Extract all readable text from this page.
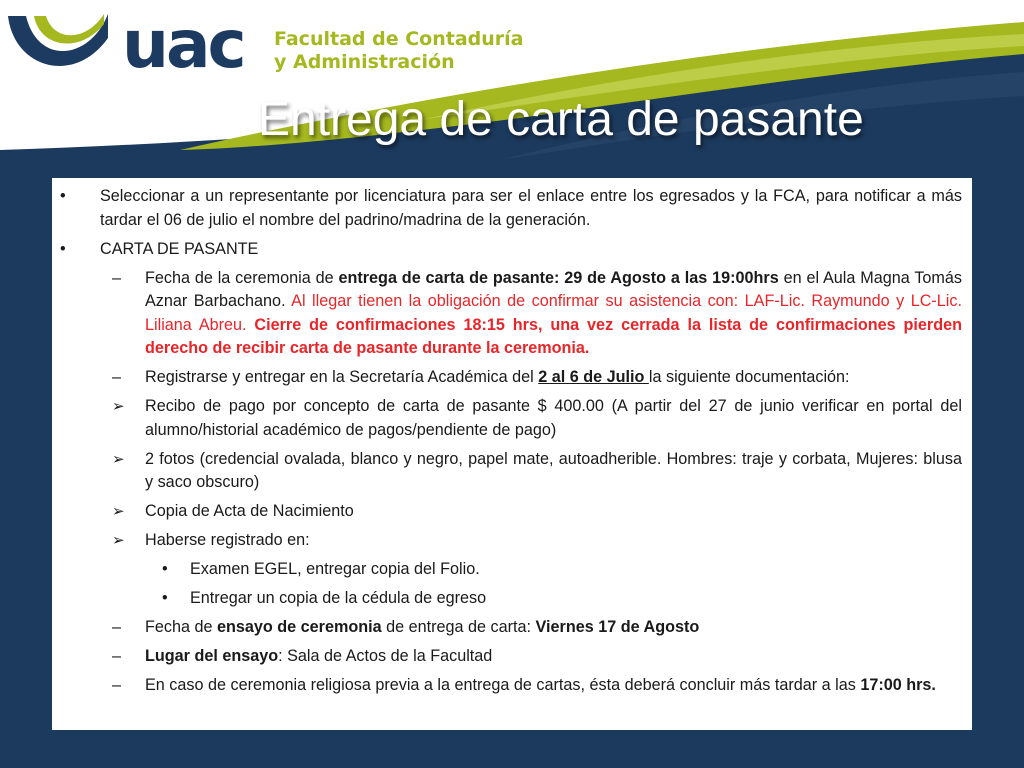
uac Facultad de Contaduría
y Administración
Entrega de carta de pasante
• Seleccionar a un representante por licenciatura para ser el enlace entre los egresados y la FCA, para notificar a más tardar el 06 de julio el nombre del padrino/madrina de la generación.
• CARTA DE PASANTE
– Fecha de la ceremonia de entrega de carta de pasante: 29 de Agosto a las 19:00hrs en el Aula Magna Tomás Aznar Barbachano. Al llegar tienen la obligación de confirmar su asistencia con: LAF-Lic. Raymundo y LC-Lic. Liliana Abreu. Cierre de confirmaciones 18:15 hrs, una vez cerrada la lista de confirmaciones pierden derecho de recibir carta de pasante durante la ceremonia.
– Registrarse y entregar en la Secretaría Académica del 2 al 6 de Julio la siguiente documentación:
➢ Recibo de pago por concepto de carta de pasante $ 400.00 (A partir del 27 de junio verificar en portal del alumno/historial académico de pagos/pendiente de pago)
➢ 2 fotos (credencial ovalada, blanco y negro, papel mate, autoadherible. Hombres: traje y corbata, Mujeres: blusa y saco obscuro)
➢ Copia de Acta de Nacimiento
➢ Haberse registrado en:
• Examen EGEL, entregar copia del Folio.
• Entregar un copia de la cédula de egreso
– Fecha de ensayo de ceremonia de entrega de carta: Viernes 17 de Agosto
– Lugar del ensayo: Sala de Actos de la Facultad
– En caso de ceremonia religiosa previa a la entrega de cartas, ésta deberá concluir más tardar a las 17:00 hrs.
